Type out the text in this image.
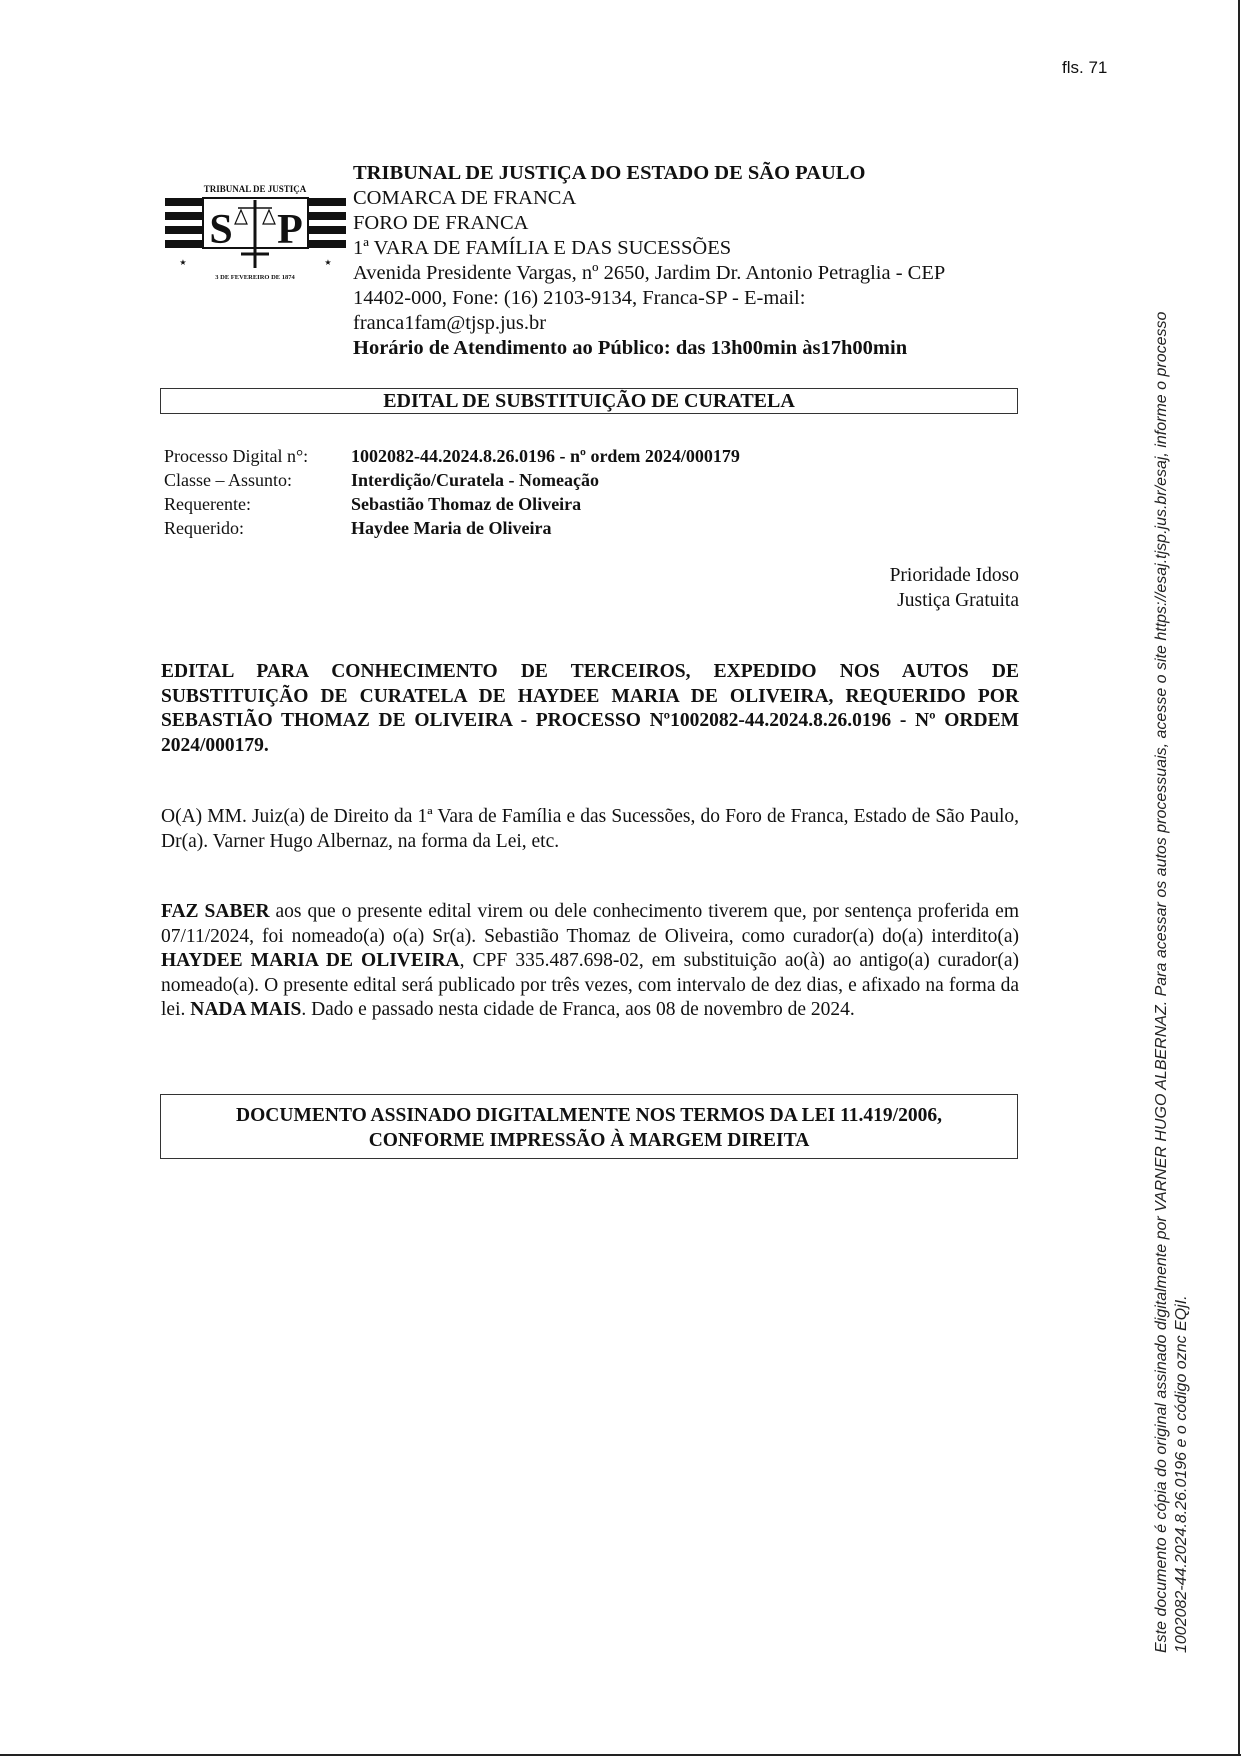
fls. 71
TRIBUNAL DE JUSTIÇA
S P
★	★
3 DE FEVEREIRO DE 1874
TRIBUNAL DE JUSTIÇA DO ESTADO DE SÃO PAULO
COMARCA DE FRANCA
FORO DE FRANCA
1ª VARA DE FAMÍLIA E DAS SUCESSÕES
Avenida Presidente Vargas, nº 2650, Jardim Dr. Antonio Petraglia - CEP
14402-000, Fone: (16) 2103-9134, Franca-SP - E-mail:
franca1fam@tjsp.jus.br
Horário de Atendimento ao Público: das 13h00min às17h00min
EDITAL DE SUBSTITUIÇÃO DE CURATELA
Processo Digital n°:	1002082-44.2024.8.26.0196 - nº ordem 2024/000179
Classe – Assunto:	Interdição/Curatela - Nomeação
Requerente:	Sebastião Thomaz de Oliveira
Requerido:	Haydee Maria de Oliveira
Prioridade Idoso
Justiça Gratuita
EDITAL PARA CONHECIMENTO DE TERCEIROS, EXPEDIDO NOS AUTOS DE SUBSTITUIÇÃO DE CURATELA DE HAYDEE MARIA DE OLIVEIRA, REQUERIDO POR SEBASTIÃO THOMAZ DE OLIVEIRA - PROCESSO Nº1002082-44.2024.8.26.0196 - Nº ORDEM 2024/000179.
O(A) MM. Juiz(a) de Direito da 1ª Vara de Família e das Sucessões, do Foro de Franca, Estado de São Paulo, Dr(a). Varner Hugo Albernaz, na forma da Lei, etc.
FAZ SABER aos que o presente edital virem ou dele conhecimento tiverem que, por sentença proferida em 07/11/2024, foi nomeado(a) o(a) Sr(a). Sebastião Thomaz de Oliveira, como curador(a) do(a) interdito(a) HAYDEE MARIA DE OLIVEIRA, CPF 335.487.698-02, em substituição ao(à) ao antigo(a) curador(a) nomeado(a). O presente edital será publicado por três vezes, com intervalo de dez dias, e afixado na forma da lei. NADA MAIS. Dado e passado nesta cidade de Franca, aos 08 de novembro de 2024.
DOCUMENTO ASSINADO DIGITALMENTE NOS TERMOS DA LEI 11.419/2006,
CONFORME IMPRESSÃO À MARGEM DIREITA	Este documento é cópia do original assinado digitalmente por VARNER HUGO ALBERNAZ. Para acessar os autos processuais, acesse o site https://esaj.tjsp.jus.br/esaj, informe o processo 1002082-44.2024.8.26.0196 e o código oznc EQjI.
